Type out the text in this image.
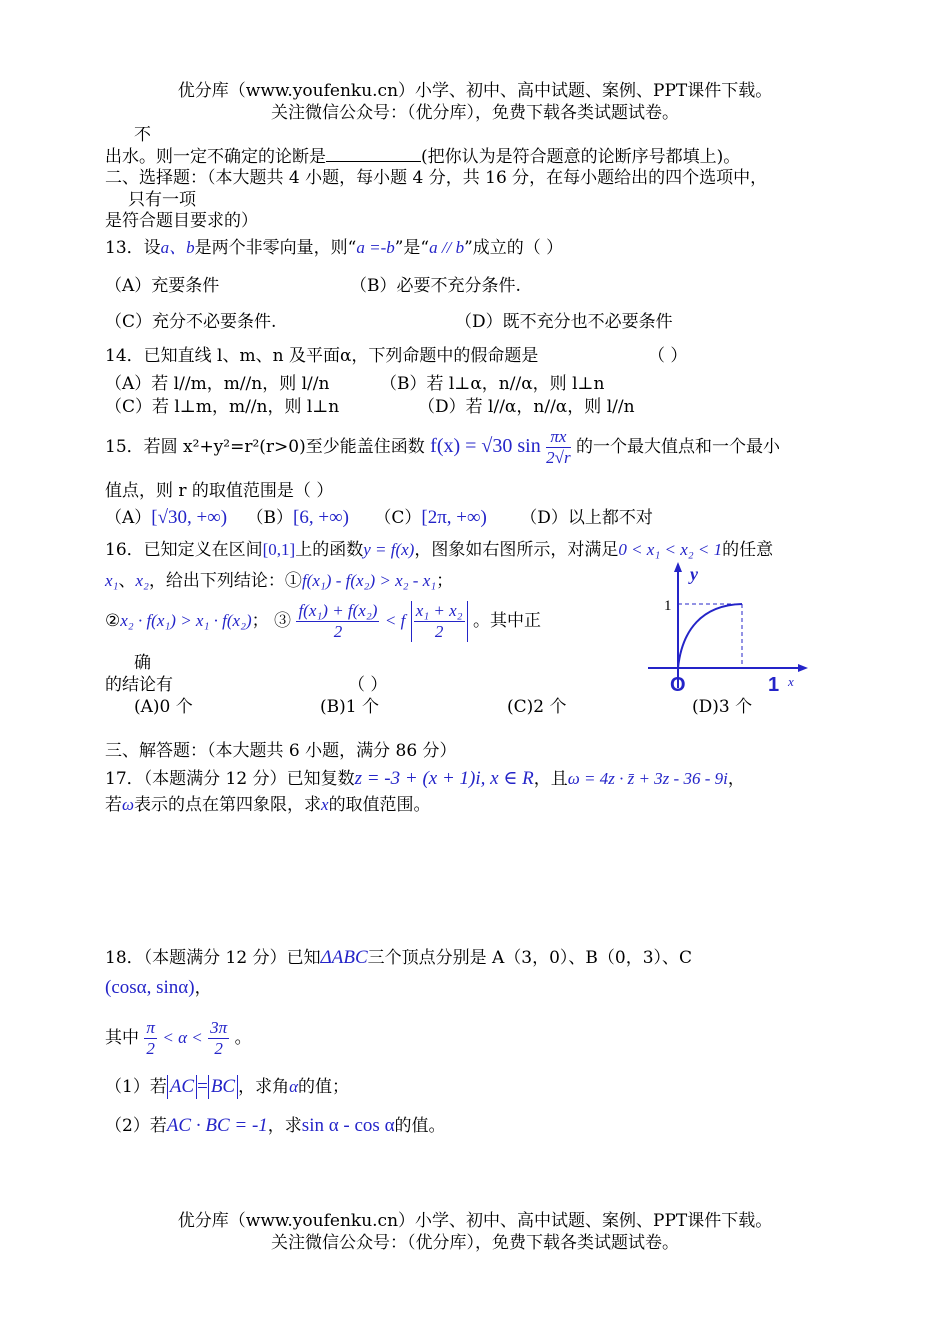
优分库（www.youfenku.cn）小学、初中、高中试题、案例、PPT课件下载。
关注微信公众号：（优分库），免费下载各类试题试卷。
不
出水。则一定不确定的论断是	(把你认为是符合题意的论断序号都填上)。
二、选择题：（本大题共 4 小题，每小题 4 分，共 16 分，在每小题给出的四个选项中，
只有一项
是符合题目要求的）
13．设a、b是两个非零向量，则“a =-b”是“a // b”成立的（ ）
（A）充要条件	（B）必要不充分条件.
（C）充分不必要条件.	（D）既不充分也不必要条件
14．已知直线 l、m、n 及平面α，下列命题中的假命题是	（ ）
（A）若 l//m，m//n，则 l//n	（B）若 l⊥α，n//α，则 l⊥n
（C）若 l⊥m，m//n，则 l⊥n	（D）若 l//α，n//α，则 l//n
15．若圆 x²+y²=r²(r>0)至少能盖住函数 f(x) = √30 $\sin \frac{\pi x}{2√r}$ 的一个最大值点和一个最小
值点，则 r 的取值范围是（ ）
（A）[√30, +∞) （B）[6, +∞) （C）[2π, +∞) （D）以上都不对
16．已知定义在区间[0,1]上的函数y = f(x)，图象如右图所示，对满足0 < x₁ < x₂ < 1的任意
x₁、x₂，给出下列结论：①f(x₁) - f(x₂) > x₂ - x₁；
②x₂ · f(x₁) > x₁ · f(x₂)； ③ $\frac{\text{f(x₁) + f(x₂)}}{2} < f \frac{\text{x₁ + x₂}}{2}$ 。其中正
确
的结论有	（ ）
(A)0 个	(B)1 个	(C)2 个	(D)3 个
y
x
1
O	1
三、解答题：（本大题共 6 小题，满分 86 分）
17．（本题满分 12 分）已知复数z = -3 + (x + 1)i, x ∈ R，且ω = 4z · z̄ + 3z - 36 - 9i，
若ω表示的点在第四象限，求x的取值范围。
18．（本题满分 12 分）已知ΔABC三个顶点分别是 A（3，0）、B（0，3）、C
(cosα, sinα)，
其中 $\frac{\pi}{2} < \alpha < \frac{3\pi}{2}$ 。
（1）若 AC = BC ，求角α的值；
（2）若AC · BC = -1，求sin α - cos α的值。
优分库（www.youfenku.cn）小学、初中、高中试题、案例、PPT课件下载。
关注微信公众号：（优分库），免费下载各类试题试卷。
